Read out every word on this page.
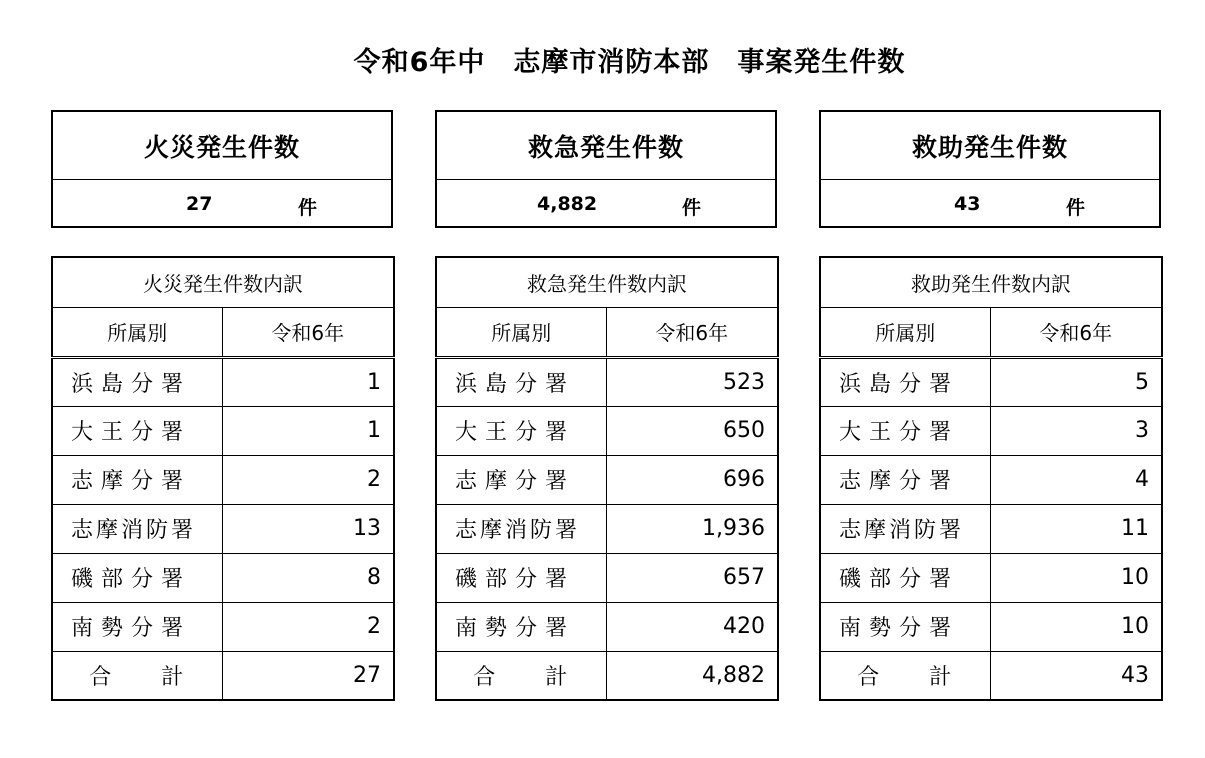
令和6年中　志摩市消防本部　事案発生件数
火災発生件数
27	件
救急発生件数
4,882	件
救助発生件数
43	件
火災発生件数内訳	
所属別	令和6年
浜島分署	1
大王分署	1
志摩分署	2
志摩消防署	13
磯部分署	8
南勢分署	2
合　　計	27
救急発生件数内訳	
所属別	令和6年
浜島分署	523
大王分署	650
志摩分署	696
志摩消防署	1,936
磯部分署	657
南勢分署	420
合　　計	4,882
救助発生件数内訳	
所属別	令和6年
浜島分署	5
大王分署	3
志摩分署	4
志摩消防署	11
磯部分署	10
南勢分署	10
合　　計	43
